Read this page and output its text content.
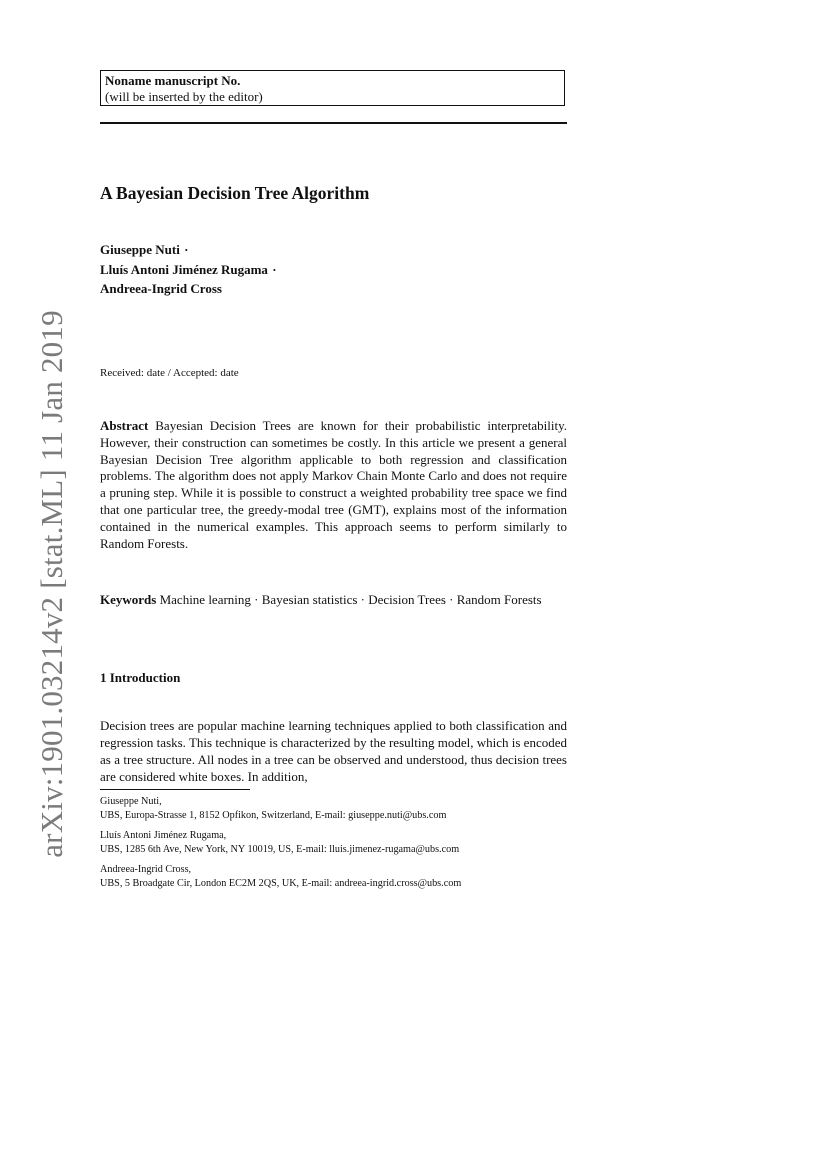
arXiv:1901.03214v2 [stat.ML] 11 Jan 2019
Noname manuscript No.
(will be inserted by the editor)
A Bayesian Decision Tree Algorithm
Giuseppe Nuti ·
Lluís Antoni Jiménez Rugama ·
Andreea-Ingrid Cross
Received: date / Accepted: date

Abstract Bayesian Decision Trees are known for their probabilistic interpretability. However, their construction can sometimes be costly. In this article we present a general Bayesian Decision Tree algorithm applicable to both regression and classification problems. The algorithm does not apply Markov Chain Monte Carlo and does not require a pruning step. While it is possible to construct a weighted probability tree space we find that one particular tree, the greedy-modal tree (GMT), explains most of the information contained in the numerical examples. This approach seems to perform similarly to Random Forests.

Keywords Machine learning · Bayesian statistics · Decision Trees · Random Forests

1 Introduction

Decision trees are popular machine learning techniques applied to both classification and regression tasks. This technique is characterized by the resulting model, which is encoded as a tree structure. All nodes in a tree can be observed and understood, thus decision trees are considered white boxes. In addition,

Giuseppe Nuti,
UBS, Europa-Strasse 1, 8152 Opfikon, Switzerland, E-mail: giuseppe.nuti@ubs.com
Lluís Antoni Jiménez Rugama,
UBS, 1285 6th Ave, New York, NY 10019, US, E-mail: lluis.jimenez-rugama@ubs.com
Andreea-Ingrid Cross,
UBS, 5 Broadgate Cir, London EC2M 2QS, UK, E-mail: andreea-ingrid.cross@ubs.com
